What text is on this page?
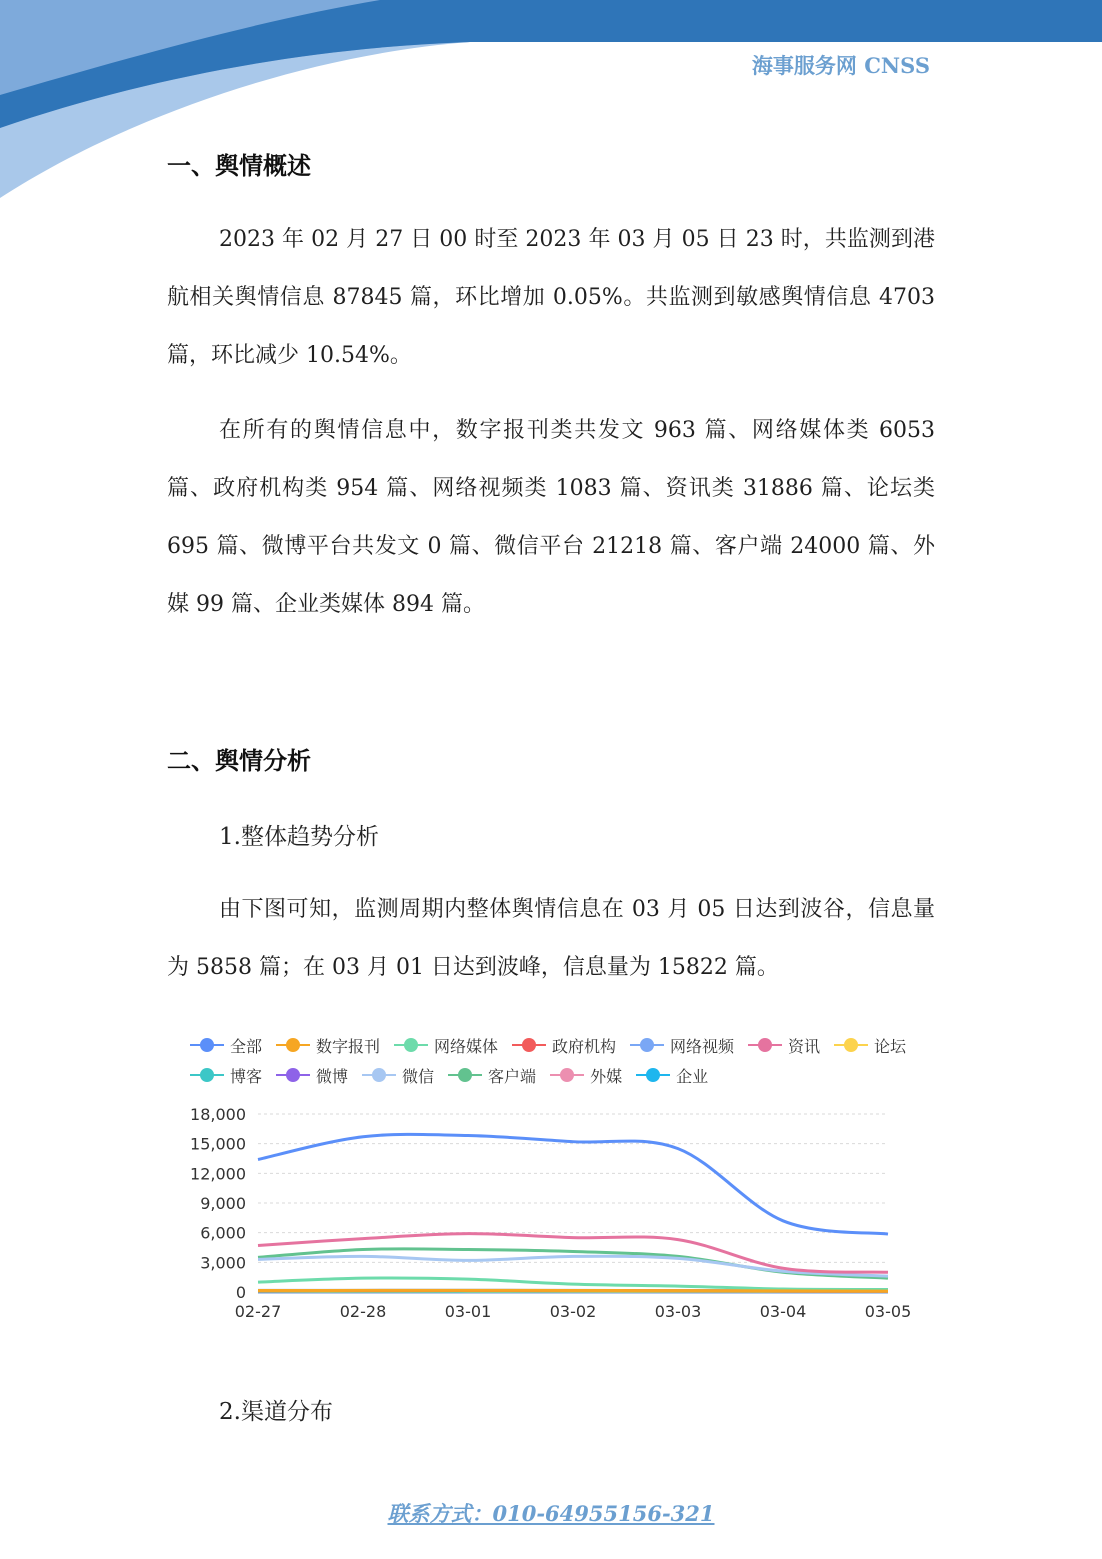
海事服务网 CNSS
一、舆情概述

2023 年 02 月 27 日 00 时至 2023 年 03 月 05 日 23 时，共监测到港航相关舆情信息 87845 篇，环比增加 0.05%。共监测到敏感舆情信息 4703 篇，环比减少 10.54%。

在所有的舆情信息中，数字报刊类共发文 963 篇、网络媒体类 6053 篇、政府机构类 954 篇、网络视频类 1083 篇、资讯类 31886 篇、论坛类 695 篇、微博平台共发文 0 篇、微信平台 21218 篇、客户端 24000 篇、外媒 99 篇、企业类媒体 894 篇。

二、舆情分析
1.整体趋势分析

由下图可知，监测周期内整体舆情信息在 03 月 05 日达到波谷，信息量为 5858 篇；在 03 月 01 日达到波峰，信息量为 15822 篇。

全部	数字报刊	网络媒体	政府机构	网络视频	资讯	论坛
博客	微博	微信	客户端	外媒	企业
18,000
15,000
12,000
9,000
6,000
3,000
0
02-27	02-28	03-01	03-02	03-03	03-04	03-05
2.渠道分布
联系方式：010-64955156-321
